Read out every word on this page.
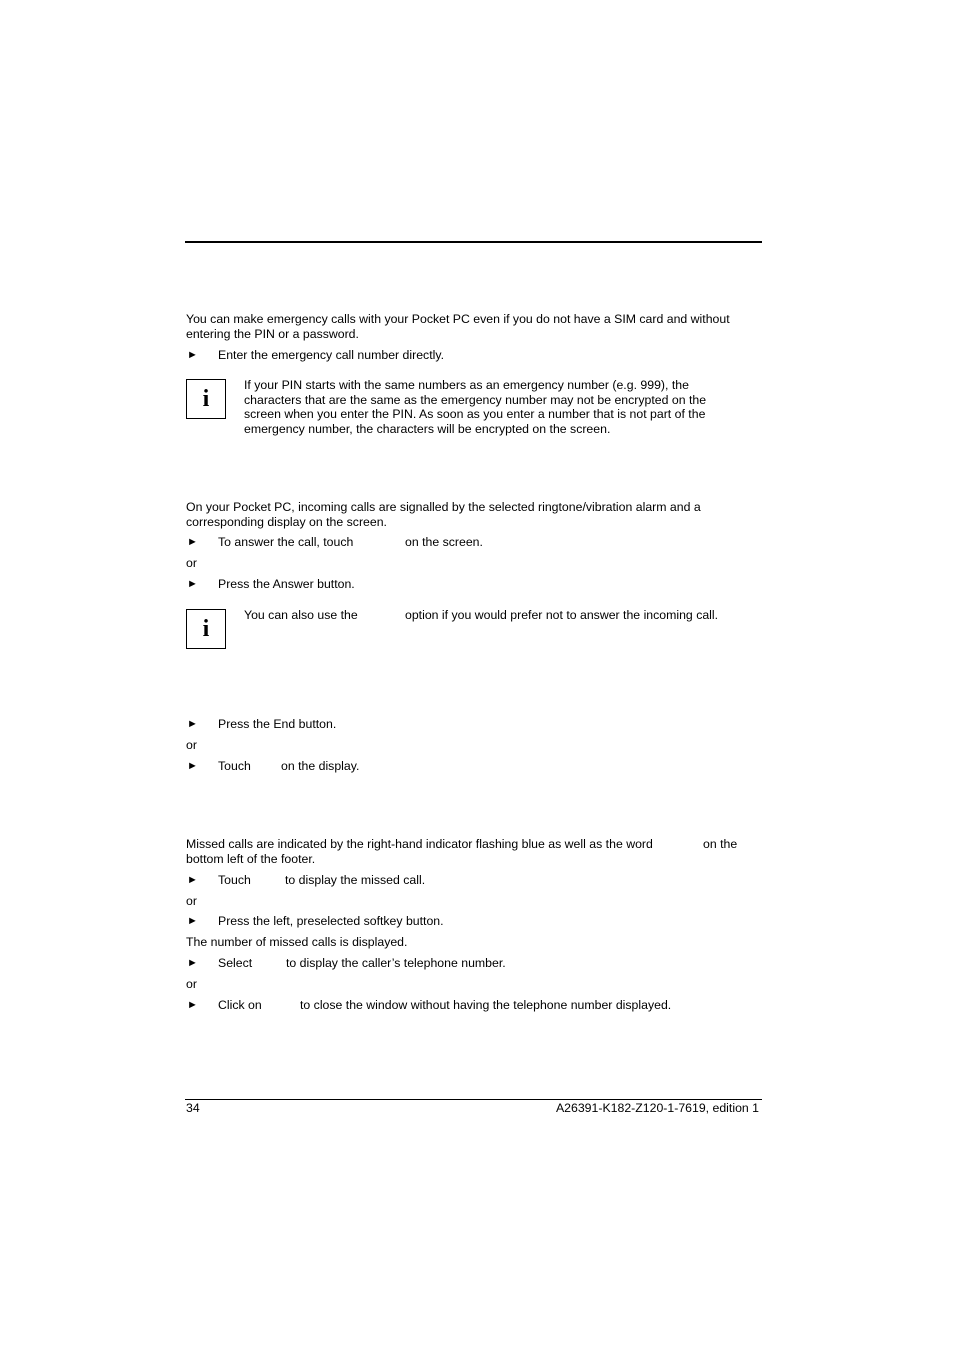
You can make emergency calls with your Pocket PC even if you do not have a SIM card and without entering the PIN or a password.
► Enter the emergency call number directly.
i
If your PIN starts with the same numbers as an emergency number (e.g. 999), the characters that are the same as the emergency number may not be encrypted on the screen when you enter the PIN. As soon as you enter a number that is not part of the emergency number, the characters will be encrypted on the screen.
On your Pocket PC, incoming calls are signalled by the selected ringtone/vibration alarm and a corresponding display on the screen.
► To answer the call, touch	on the screen.
or
► Press the Answer button.
i
You can also use the	option if you would prefer not to answer the incoming call.
► Press the End button.
or
► Touch on the display.
Missed calls are indicated by the right-hand indicator flashing blue as well as the word	on the
bottom left of the footer.
► Touch	to display the missed call.
or
► Press the left, preselected softkey button.
The number of missed calls is displayed.
► Select	to display the caller’s telephone number.
or
► Click on	to close the window without having the telephone number displayed.
34	A26391-K182-Z120-1-7619, edition 1
